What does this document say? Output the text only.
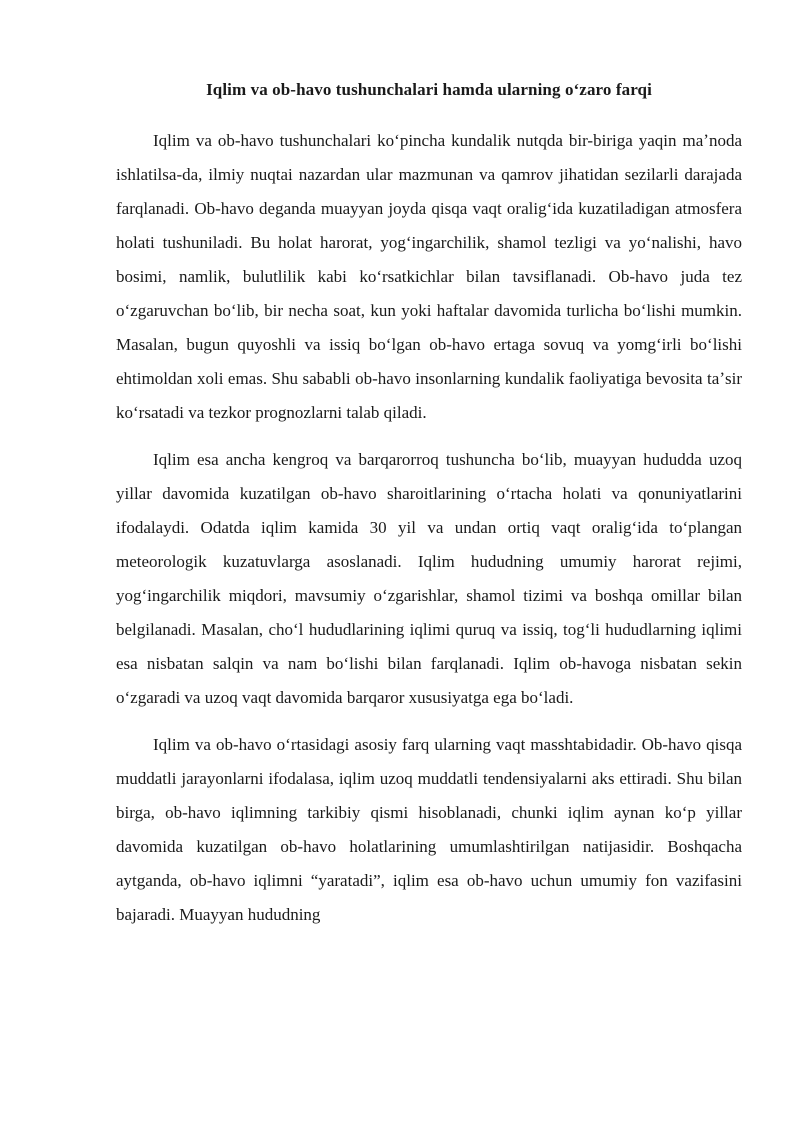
Iqlim va ob-havo tushunchalari hamda ularning oʻzaro farqi

Iqlim va ob-havo tushunchalari koʻpincha kundalik nutqda bir-biriga yaqin maʼnoda ishlatilsa-da, ilmiy nuqtai nazardan ular mazmunan va qamrov jihatidan sezilarli darajada farqlanadi. Ob-havo deganda muayyan joyda qisqa vaqt oraligʻida kuzatiladigan atmosfera holati tushuniladi. Bu holat harorat, yogʻingarchilik, shamol tezligi va yoʻnalishi, havo bosimi, namlik, bulutlilik kabi koʻrsatkichlar bilan tavsiflanadi. Ob-havo juda tez oʻzgaruvchan boʻlib, bir necha soat, kun yoki haftalar davomida turlicha boʻlishi mumkin. Masalan, bugun quyoshli va issiq boʻlgan ob-havo ertaga sovuq va yomgʻirli boʻlishi ehtimoldan xoli emas. Shu sababli ob-havo insonlarning kundalik faoliyatiga bevosita taʼsir koʻrsatadi va tezkor prognozlarni talab qiladi.

Iqlim esa ancha kengroq va barqarorroq tushuncha boʻlib, muayyan hududda uzoq yillar davomida kuzatilgan ob-havo sharoitlarining oʻrtacha holati va qonuniyatlarini ifodalaydi. Odatda iqlim kamida 30 yil va undan ortiq vaqt oraligʻida toʻplangan meteorologik kuzatuvlarga asoslanadi. Iqlim hududning umumiy harorat rejimi, yogʻingarchilik miqdori, mavsumiy oʻzgarishlar, shamol tizimi va boshqa omillar bilan belgilanadi. Masalan, choʻl hududlarining iqlimi quruq va issiq, togʻli hududlarning iqlimi esa nisbatan salqin va nam boʻlishi bilan farqlanadi. Iqlim ob-havoga nisbatan sekin oʻzgaradi va uzoq vaqt davomida barqaror xususiyatga ega boʻladi.

Iqlim va ob-havo oʻrtasidagi asosiy farq ularning vaqt masshtabidadir. Ob-havo qisqa muddatli jarayonlarni ifodalasa, iqlim uzoq muddatli tendensiyalarni aks ettiradi. Shu bilan birga, ob-havo iqlimning tarkibiy qismi hisoblanadi, chunki iqlim aynan koʻp yillar davomida kuzatilgan ob-havo holatlarining umumlashtirilgan natijasidir. Boshqacha aytganda, ob-havo iqlimni “yaratadi”, iqlim esa ob-havo uchun umumiy fon vazifasini bajaradi. Muayyan hududning
